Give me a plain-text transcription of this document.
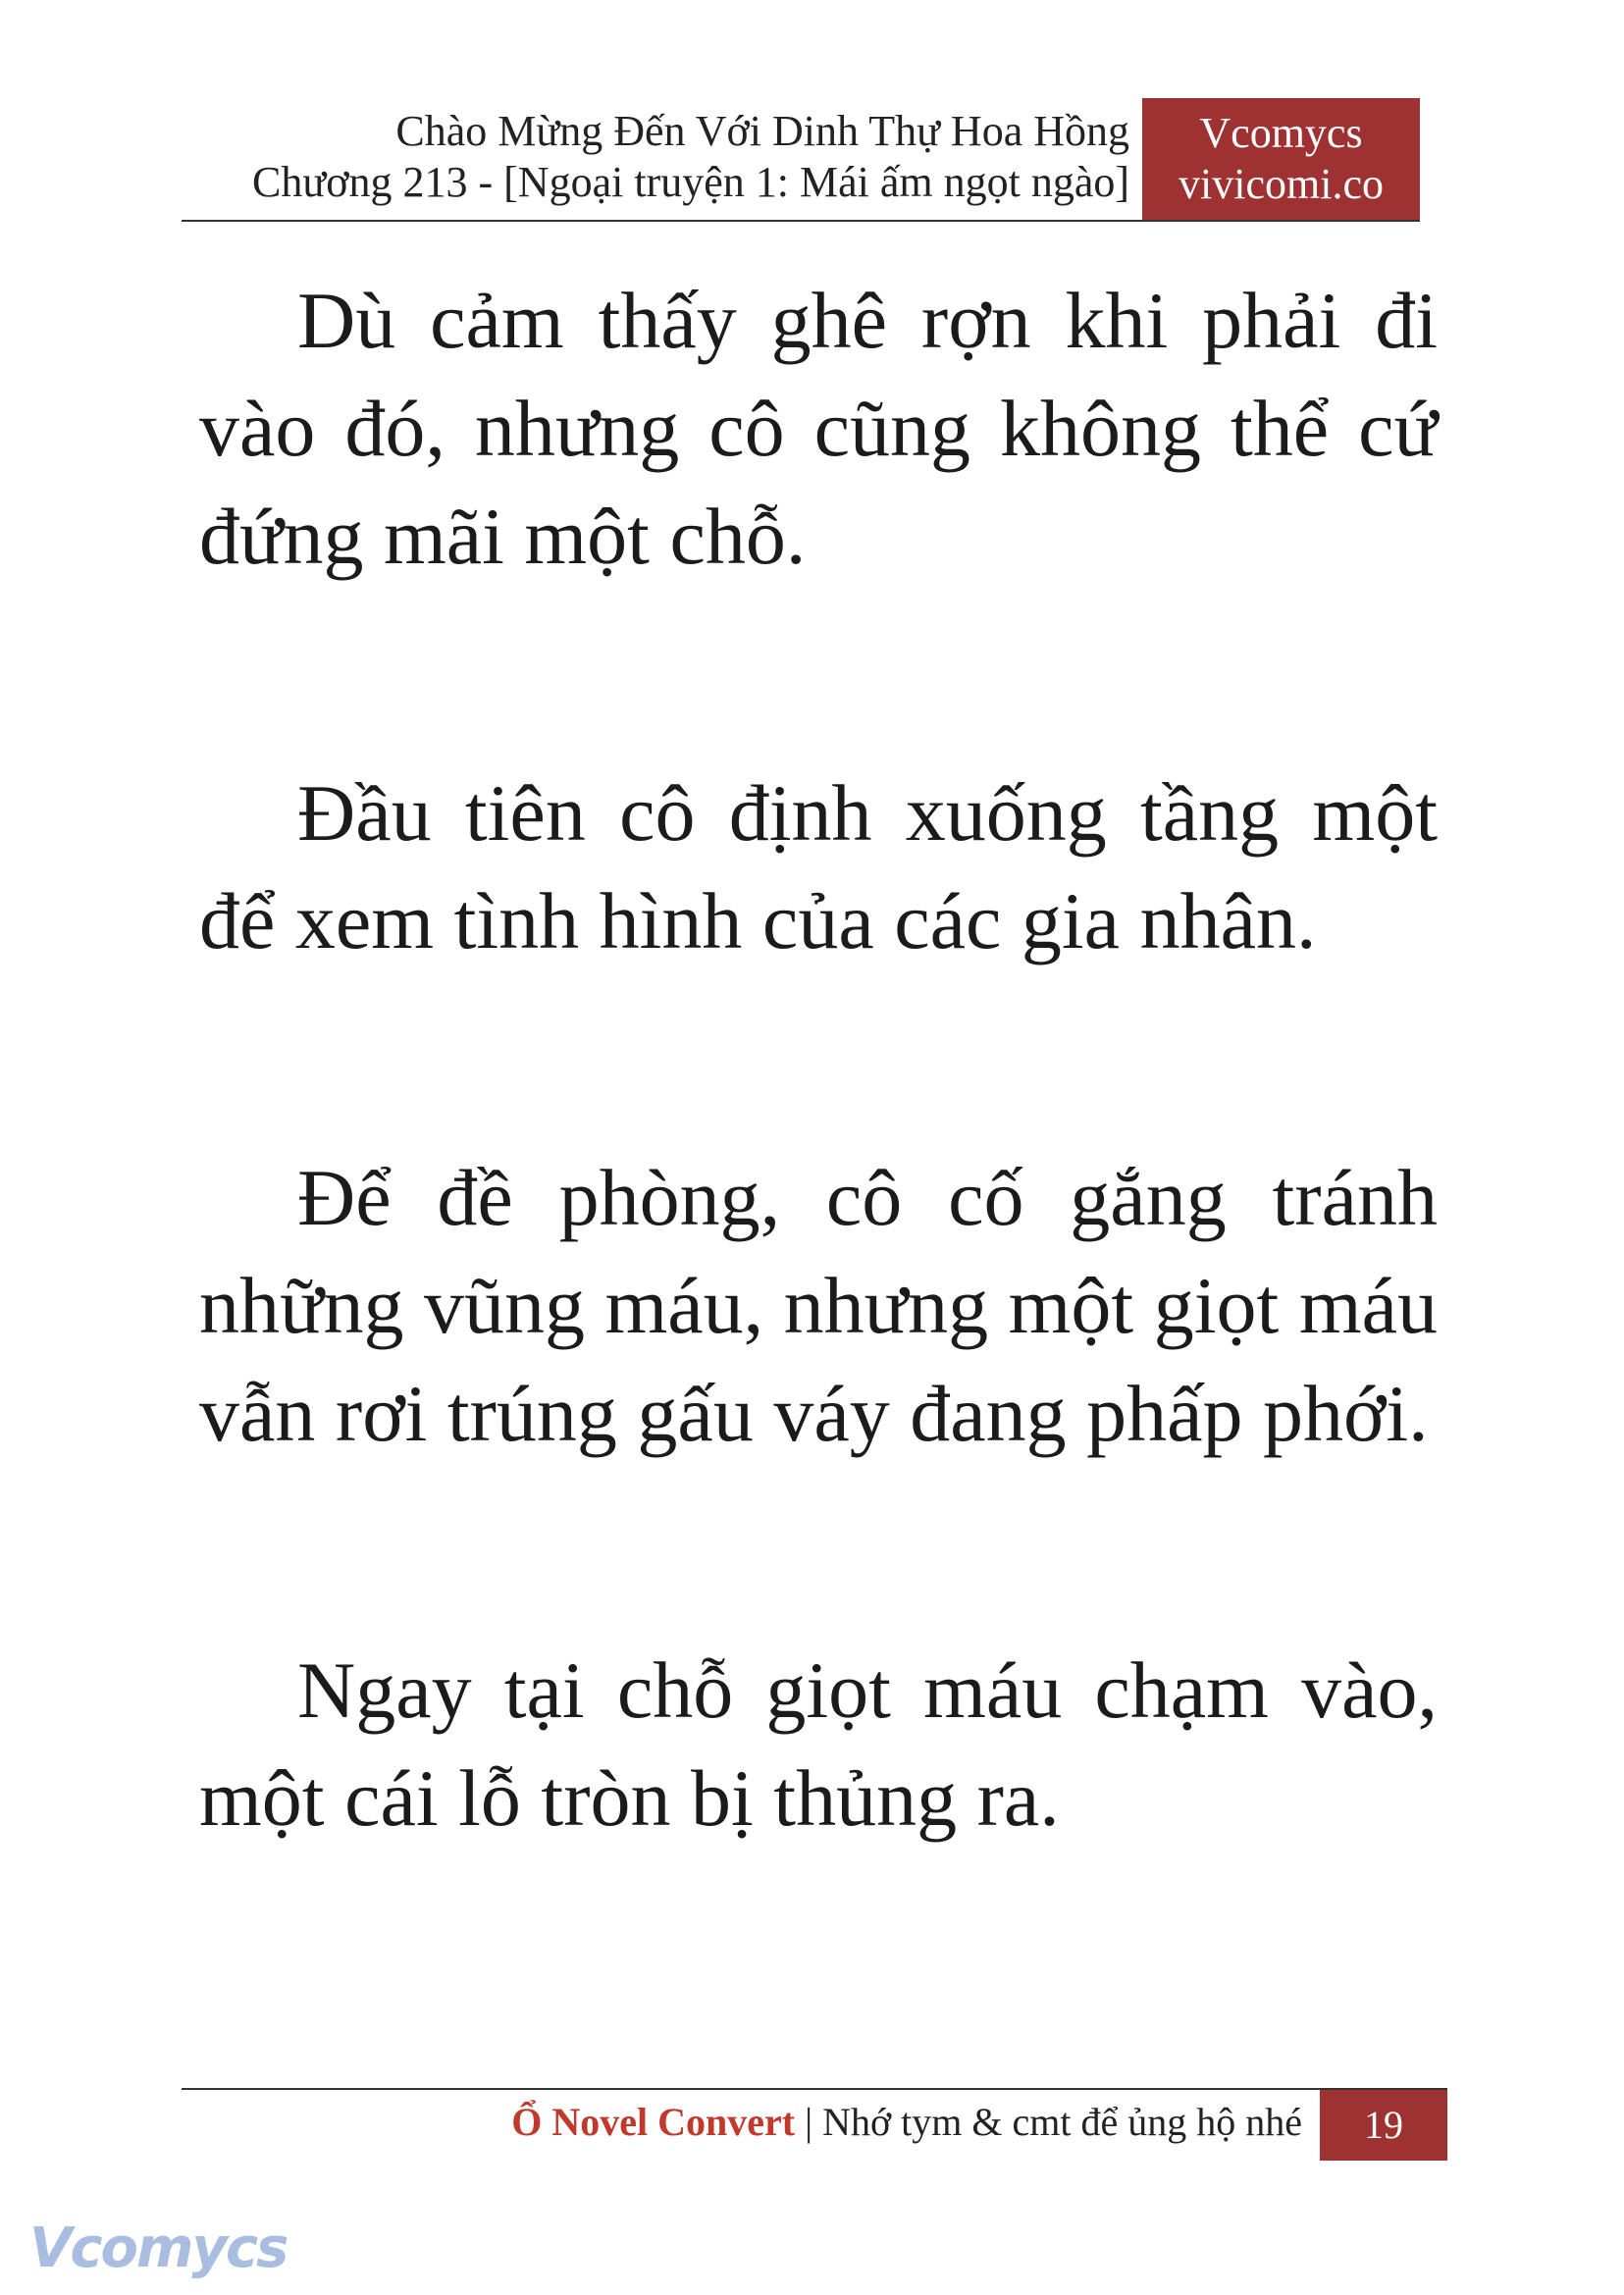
Chào Mừng Đến Với Dinh Thự Hoa Hồng
Chương 213 - [Ngoại truyện 1: Mái ấm ngọt ngào]
Vcomycs
vivicomi.co

Dù cảm thấy ghê rợn khi phải đi vào đó, nhưng cô cũng không thể cứ đứng mãi một chỗ.

Đầu tiên cô định xuống tầng một để xem tình hình của các gia nhân.

Để đề phòng, cô cố gắng tránh những vũng máu, nhưng một giọt máu vẫn rơi trúng gấu váy đang phấp phới.

Ngay tại chỗ giọt máu chạm vào, một cái lỗ tròn bị thủng ra.

Ổ Novel Convert | Nhớ tym & cmt để ủng hộ nhé	19
Vcomycs
